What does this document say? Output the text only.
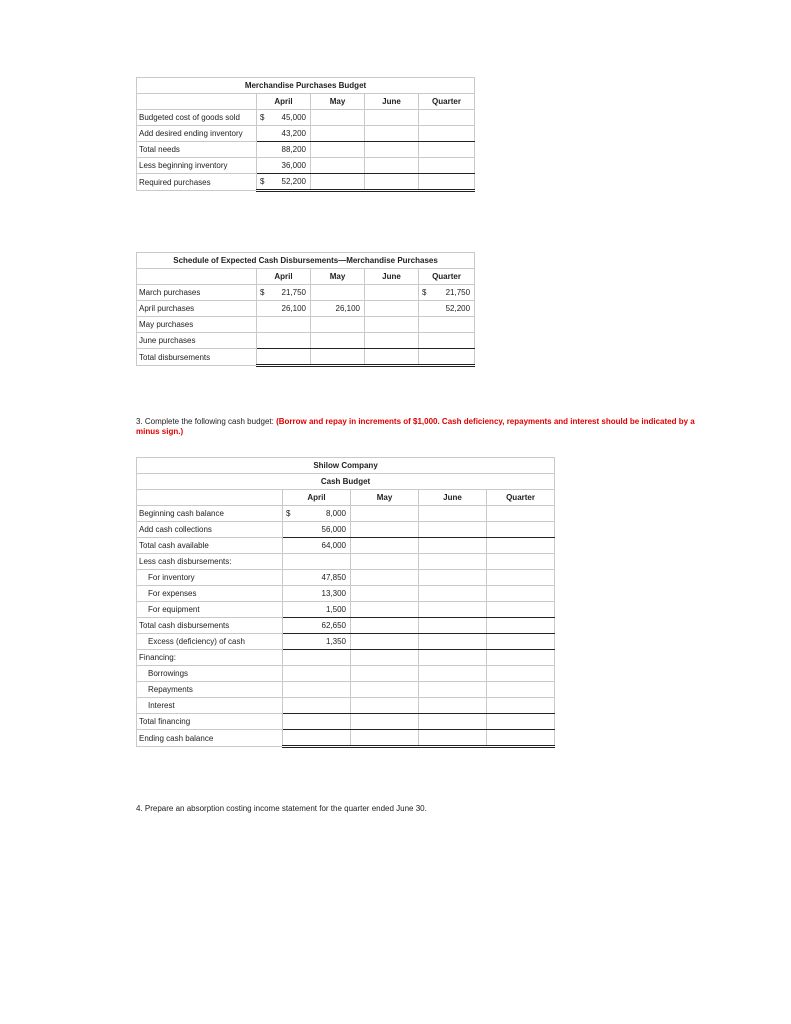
Merchandise Purchases Budget					
	April		May	June	Quarter
Budgeted cost of goods sold	$	45,000			
Add desired ending inventory		43,200			
Total needs		88,200			
Less beginning inventory		36,000			
Required purchases	$	52,200			
Schedule of Expected Cash Disbursements—Merchandise Purchases						
	April		May	June	Quarter	
March purchases	$	21,750			$	21,750
April purchases		26,100	26,100			52,200
May purchases						
June purchases						
Total disbursements						
3. Complete the following cash budget: (Borrow and repay in increments of $1,000. Cash deficiency, repayments and interest should be indicated by a minus sign.)
Shilow Company					
Cash Budget					
	April		May	June	Quarter
Beginning cash balance	$	8,000			
Add cash collections		56,000			
Total cash available		64,000			
Less cash disbursements:					
For inventory		47,850			
For expenses		13,300			
For equipment		1,500			
Total cash disbursements		62,650			
Excess (deficiency) of cash		1,350			
Financing:					
Borrowings					
Repayments					
Interest					
Total financing					
Ending cash balance					
4. Prepare an absorption costing income statement for the quarter ended June 30.
